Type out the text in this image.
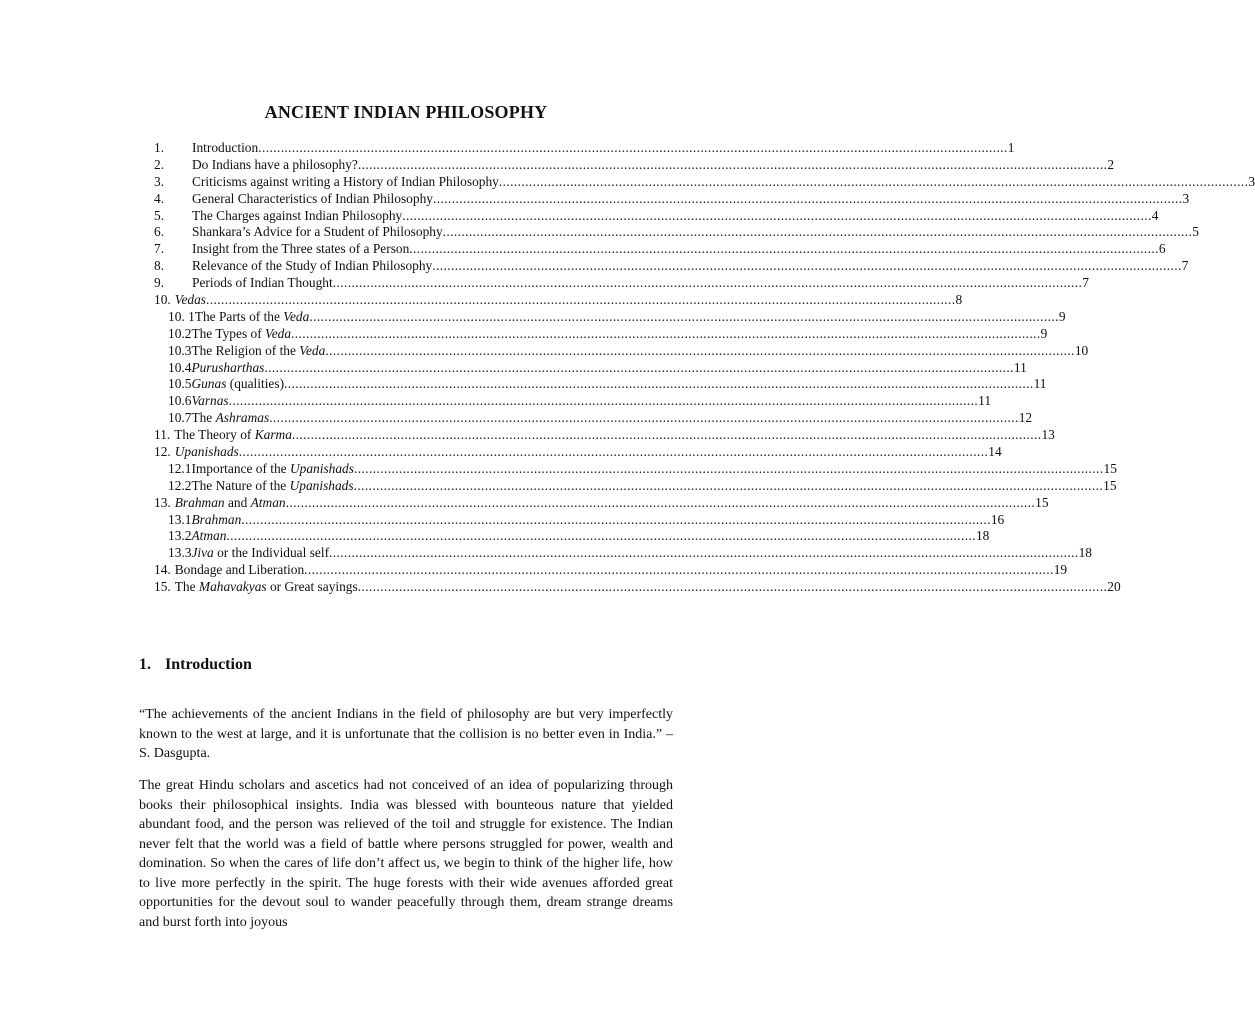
ANCIENT INDIAN PHILOSOPHY
1.	Introduction ........................................................................................................................................................................................................ 1
2.	Do Indians have a philosophy? ........................................................................................................................................................................................................ 2
3.	Criticisms against writing a History of Indian Philosophy ........................................................................................................................................................................................................ 3
4.	General Characteristics of Indian Philosophy ........................................................................................................................................................................................................ 3
5.	The Charges against Indian Philosophy ........................................................................................................................................................................................................ 4
6.	Shankara’s Advice for a Student of Philosophy ........................................................................................................................................................................................................ 5
7.	Insight from the Three states of a Person ........................................................................................................................................................................................................ 6
8.	Relevance of the Study of Indian Philosophy ........................................................................................................................................................................................................ 7
9.	Periods of Indian Thought ........................................................................................................................................................................................................ 7
10. Vedas ........................................................................................................................................................................................................ 8
10. 1 The Parts of the Veda ........................................................................................................................................................................................................ 9
10.2 The Types of Veda ........................................................................................................................................................................................................ 9
10.3 The Religion of the Veda ........................................................................................................................................................................................................ 10
10.4 Purusharthas ........................................................................................................................................................................................................ 11
10.5 Gunas (qualities) ........................................................................................................................................................................................................ 11
10.6 Varnas ........................................................................................................................................................................................................ 11
10.7 The Ashramas ........................................................................................................................................................................................................ 12
11. The Theory of Karma ........................................................................................................................................................................................................ 13
12. Upanishads ........................................................................................................................................................................................................ 14
12.1 Importance of the Upanishads ........................................................................................................................................................................................................ 15
12.2 The Nature of the Upanishads ........................................................................................................................................................................................................ 15
13. Brahman and Atman ........................................................................................................................................................................................................ 15
13.1 Brahman ........................................................................................................................................................................................................ 16
13.2 Atman ........................................................................................................................................................................................................ 18
13.3 Jiva or the Individual self ........................................................................................................................................................................................................ 18
14. Bondage and Liberation ........................................................................................................................................................................................................ 19
15. The Mahavakyas or Great sayings ........................................................................................................................................................................................................ 20
1. Introduction

“The achievements of the ancient Indians in the field of philosophy are but very imperfectly known to the west at large, and it is unfortunate that the collision is no better even in India.” – S. Dasgupta.

The great Hindu scholars and ascetics had not conceived of an idea of popularizing through books their philosophical insights. India was blessed with bounteous nature that yielded abundant food, and the person was relieved of the toil and struggle for existence. The Indian never felt that the world was a field of battle where persons struggled for power, wealth and domination. So when the cares of life don’t affect us, we begin to think of the higher life, how to live more perfectly in the spirit. The huge forests with their wide avenues afforded great opportunities for the devout soul to wander peacefully through them, dream strange dreams and burst forth into joyous
